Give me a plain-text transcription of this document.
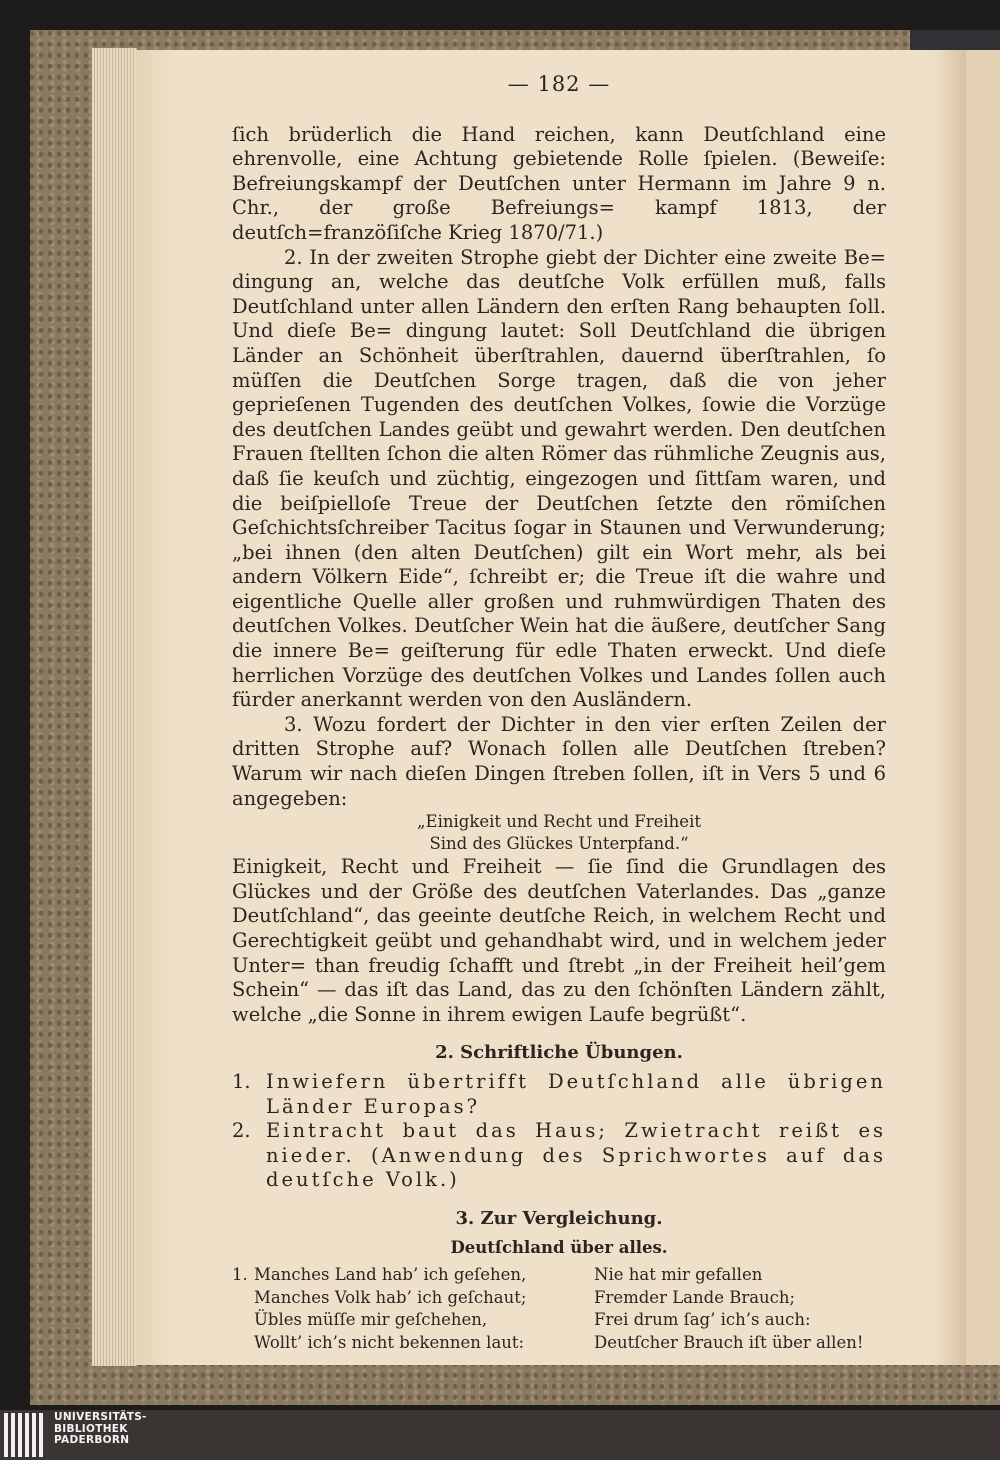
— 182 —

ſich brüderlich die Hand reichen, kann Deutſchland eine ehrenvolle, eine Achtung gebietende Rolle ſpielen. (Beweiſe: Befreiungskampf der Deutſchen unter Hermann im Jahre 9 n. Chr., der große Befreiungs= kampf 1813, der deutſch=franzöſiſche Krieg 1870/71.)

2. In der zweiten Strophe giebt der Dichter eine zweite Be= dingung an, welche das deutſche Volk erfüllen muß, falls Deutſchland unter allen Ländern den erſten Rang behaupten ſoll. Und dieſe Be= dingung lautet: Soll Deutſchland die übrigen Länder an Schönheit überſtrahlen, dauernd überſtrahlen, ſo müſſen die Deutſchen Sorge tragen, daß die von jeher geprieſenen Tugenden des deutſchen Volkes, ſowie die Vorzüge des deutſchen Landes geübt und gewahrt werden. Den deutſchen Frauen ſtellten ſchon die alten Römer das rühmliche Zeugnis aus, daß ſie keuſch und züchtig, eingezogen und ſittſam waren, und die beiſpielloſe Treue der Deutſchen ſetzte den römiſchen Geſchichtsſchreiber Tacitus ſogar in Staunen und Verwunderung; „bei ihnen (den alten Deutſchen) gilt ein Wort mehr, als bei andern Völkern Eide“, ſchreibt er; die Treue iſt die wahre und eigentliche Quelle aller großen und ruhmwürdigen Thaten des deutſchen Volkes. Deutſcher Wein hat die äußere, deutſcher Sang die innere Be= geiſterung für edle Thaten erweckt. Und dieſe herrlichen Vorzüge des deutſchen Volkes und Landes ſollen auch fürder anerkannt werden von den Ausländern.

3. Wozu fordert der Dichter in den vier erſten Zeilen der dritten Strophe auf? Wonach ſollen alle Deutſchen ſtreben? Warum wir nach dieſen Dingen ſtreben ſollen, iſt in Vers 5 und 6 angegeben:

„Einigkeit und Recht und Freiheit

Sind des Glückes Unterpfand.“

Einigkeit, Recht und Freiheit — ſie ſind die Grundlagen des Glückes und der Größe des deutſchen Vaterlandes. Das „ganze Deutſchland“, das geeinte deutſche Reich, in welchem Recht und Gerechtigkeit geübt und gehandhabt wird, und in welchem jeder Unter= than freudig ſchafft und ſtrebt „in der Freiheit heil’gem Schein“ — das iſt das Land, das zu den ſchönſten Ländern zählt, welche „die Sonne in ihrem ewigen Laufe begrüßt“.

2. Schriftliche Übungen.
1. Inwiefern übertrifft Deutſchland alle übrigen Länder Europas?
2. Eintracht baut das Haus; Zwietracht reißt es nieder. (Anwendung des Sprichwortes auf das deutſche Volk.)
3. Zur Vergleichung.
Deutſchland über alles.
1. Manches Land hab’ ich geſehen,
Manches Volk hab’ ich geſchaut;
Übles müſſe mir geſchehen,
Wollt’ ich’s nicht bekennen laut:
Nie hat mir gefallen
Fremder Lande Brauch;
Frei drum ſag’ ich’s auch:
Deutſcher Brauch iſt über allen!
UNIVERSITÄTS-
BIBLIOTHEK
PADERBORN
